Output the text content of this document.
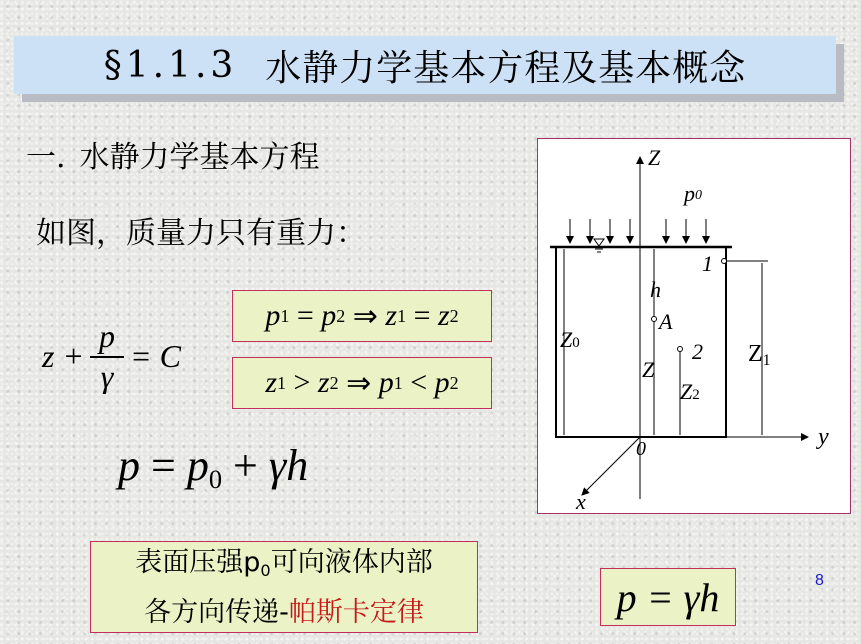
§1.1.3 水静力学基本方程及基本概念
一. 水静力学基本方程
如图，质量力只有重力：
$z + \frac{p}{\gamma} = C$
p 1 = p 2 ⇒ z 1 = z 2
z 1 > z 2 ⇒ p 1 < p 2
$p = p_0 + \gamma h$
表面压强$p_0$可向液体内部
各方向传递-帕斯卡定律	p = γh	8
Z
y
x
0
p0
h
A
1
2
Z0
Z
Z2
Z1
